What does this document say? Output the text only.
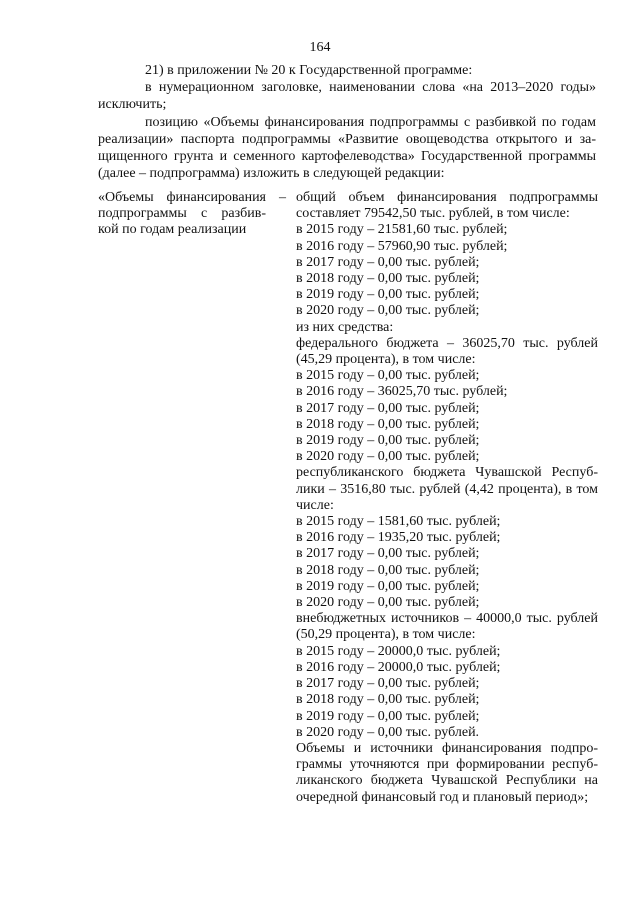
164
21) в приложении № 20 к Государственной программе:
в нумерационном заголовке, наименовании слова «на 2013–2020 годы»
исключить;
позицию «Объемы финансирования подпрограммы с разбивкой по годам
реализации» паспорта подпрограммы «Развитие овощеводства открытого и за-
щищенного грунта и семенного картофелеводства» Государственной программы
(далее – подпрограмма) изложить в следующей редакции:
«Объемы финансирования
подпрограммы с разбив-
кой по годам реализации
– общий объем финансирования подпрограммы
составляет 79542,50 тыс. рублей, в том числе:
в 2015 году – 21581,60 тыс. рублей;
в 2016 году – 57960,90 тыс. рублей;
в 2017 году – 0,00 тыс. рублей;
в 2018 году – 0,00 тыс. рублей;
в 2019 году – 0,00 тыс. рублей;
в 2020 году – 0,00 тыс. рублей;
из них средства:
федерального бюджета – 36025,70 тыс. рублей
(45,29 процента), в том числе:
в 2015 году – 0,00 тыс. рублей;
в 2016 году – 36025,70 тыс. рублей;
в 2017 году – 0,00 тыс. рублей;
в 2018 году – 0,00 тыс. рублей;
в 2019 году – 0,00 тыс. рублей;
в 2020 году – 0,00 тыс. рублей;
республиканского бюджета Чувашской Респуб-
лики – 3516,80 тыс. рублей (4,42 процента), в том
числе:
в 2015 году – 1581,60 тыс. рублей;
в 2016 году – 1935,20 тыс. рублей;
в 2017 году – 0,00 тыс. рублей;
в 2018 году – 0,00 тыс. рублей;
в 2019 году – 0,00 тыс. рублей;
в 2020 году – 0,00 тыс. рублей;
внебюджетных источников – 40000,0 тыс. рублей
(50,29 процента), в том числе:
в 2015 году – 20000,0 тыс. рублей;
в 2016 году – 20000,0 тыс. рублей;
в 2017 году – 0,00 тыс. рублей;
в 2018 году – 0,00 тыс. рублей;
в 2019 году – 0,00 тыс. рублей;
в 2020 году – 0,00 тыс. рублей.
Объемы и источники финансирования подпро-
граммы уточняются при формировании респуб-
ликанского бюджета Чувашской Республики на
очередной финансовый год и плановый период»;
